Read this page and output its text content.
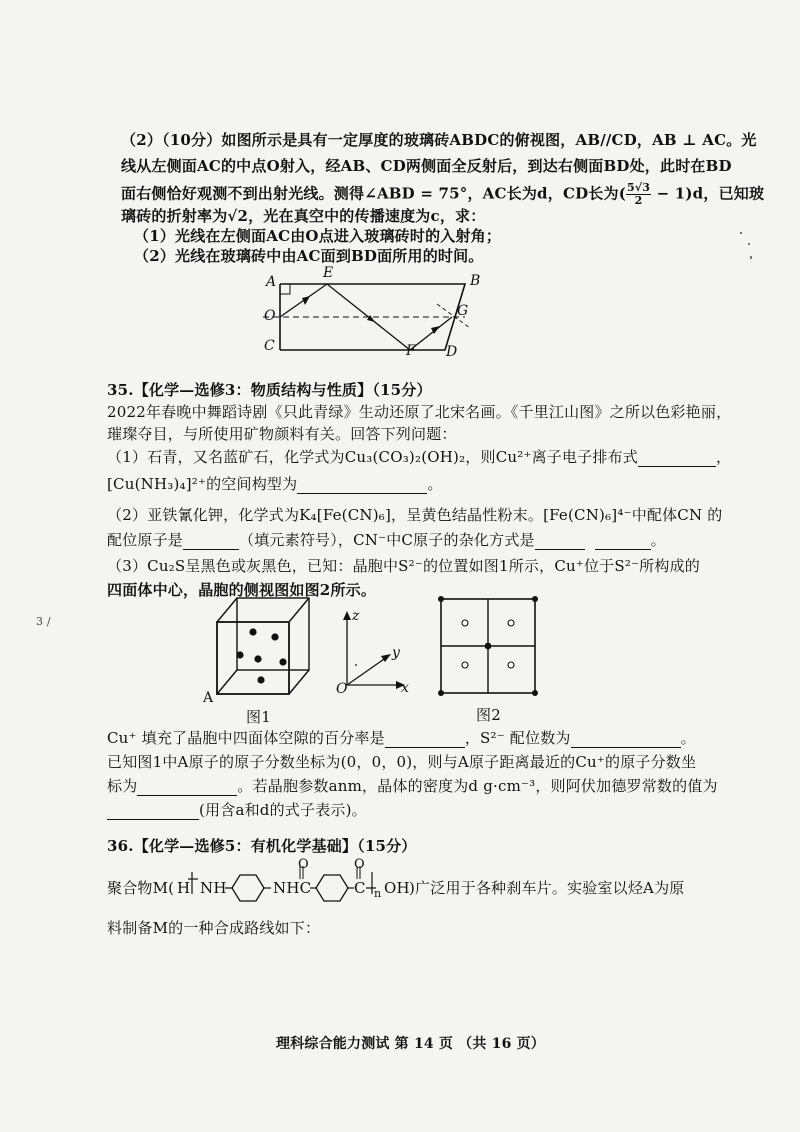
（2）（10分）如图所示是具有一定厚度的玻璃砖ABDC的俯视图，AB//CD，AB ⊥ AC。光
线从左侧面AC的中点O射入，经AB、CD两侧面全反射后，到达右侧面BD处，此时在BD
面右侧恰好观测不到出射光线。测得∠ABD = 75°，AC长为d，CD长为( $\frac{5√3}{2} - 1)d$，已知玻
璃砖的折射率为√2，光在真空中的传播速度为c，求：
（1）光线在左侧面AC由O点进入玻璃砖时的入射角；
（2）光线在玻璃砖中由AC面到BD面所用的时间。
A
E	B
O	G
C	F D
35.【化学—选修3：物质结构与性质】（15分）
2022年春晚中舞蹈诗剧《只此青绿》生动还原了北宋名画。《千里江山图》之所以色彩艳丽，
璀璨夺目，与所使用矿物颜料有关。回答下列问题：
（1）石青，又名蓝矿石，化学式为Cu₃(CO₃)₂(OH)₂，则Cu²⁺离子电子排布式	，
[Cu(NH₃)₄]²⁺的空间构型为	。
（2）亚铁氰化钾，化学式为K₄[Fe(CN)₆]，呈黄色结晶性粉末。[Fe(CN)₆]⁴⁻中配体CN 的
配位原子是	（填元素符号），CN⁻中C原子的杂化方式是	。
（3）Cu₂S呈黑色或灰黑色，已知：晶胞中S²⁻的位置如图1所示，Cu⁺位于S²⁻所构成的
四面体中心，晶胞的侧视图如图2所示。
3 /
A
图1
z
y
x
O
图2
Cu⁺ 填充了晶胞中四面体空隙的百分率是	，S²⁻ 配位数为	。
已知图1中A原子的原子分数坐标为(0，0，0)，则与A原子距离最近的Cu⁺的原子分数坐
标为	。若晶胞参数anm，晶体的密度为d g·cm⁻³，则阿伏加德罗常数的值为
(用含a和d的式子表示)。
36.【化学—选修5：有机化学基础】（15分）
聚合物M( H NH	NHC
O
C
O
n OH )广泛用于各种刹车片。实验室以烃A为原
料制备M的一种合成路线如下：
理科综合能力测试 第 14 页 （共 16 页）
